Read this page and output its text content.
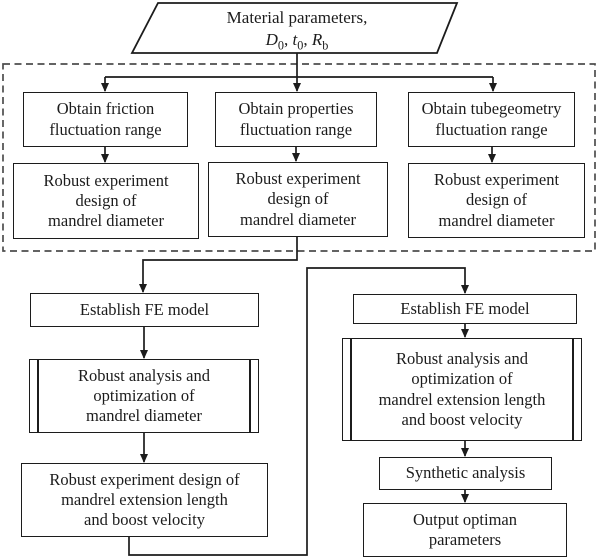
Material parameters,
$D_0$, $t_0$, $R_b$
Obtain friction
fluctuation range
Obtain properties
fluctuation range
Obtain tubegeometry
fluctuation range
Robust experiment
design of
mandrel diameter
Robust experiment
design of
mandrel diameter
Robust experiment
design of
mandrel diameter
Establish FE model
Robust analysis and
optimization of
mandrel diameter
Robust experiment design of
mandrel extension length
and boost velocity
Establish FE model
Robust analysis and
optimization of
mandrel extension length
and boost velocity
Synthetic analysis
Output optiman
parameters
